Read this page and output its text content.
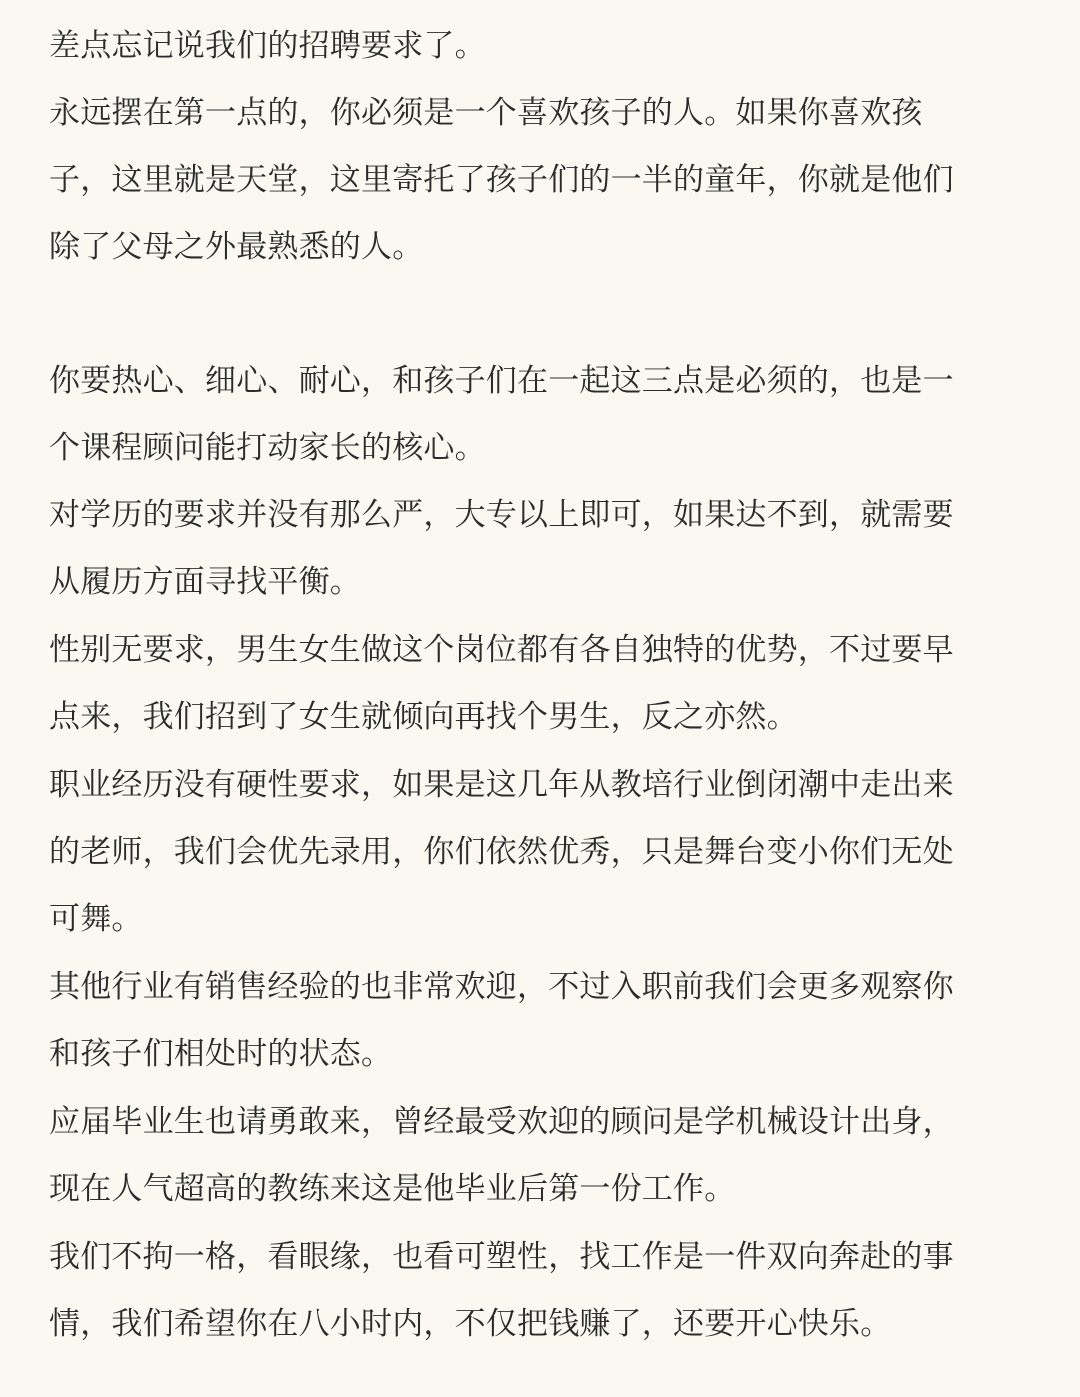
差点忘记说我们的招聘要求了。
永远摆在第一点的，你必须是一个喜欢孩子的人。如果你喜欢孩
子，这里就是天堂，这里寄托了孩子们的一半的童年，你就是他们
除了父母之外最熟悉的人。
你要热心、细心、耐心，和孩子们在一起这三点是必须的，也是一
个课程顾问能打动家长的核心。
对学历的要求并没有那么严，大专以上即可，如果达不到，就需要
从履历方面寻找平衡。
性别无要求，男生女生做这个岗位都有各自独特的优势，不过要早
点来，我们招到了女生就倾向再找个男生，反之亦然。
职业经历没有硬性要求，如果是这几年从教培行业倒闭潮中走出来
的老师，我们会优先录用，你们依然优秀，只是舞台变小你们无处
可舞。
其他行业有销售经验的也非常欢迎，不过入职前我们会更多观察你
和孩子们相处时的状态。
应届毕业生也请勇敢来，曾经最受欢迎的顾问是学机械设计出身，
现在人气超高的教练来这是他毕业后第一份工作。
我们不拘一格，看眼缘，也看可塑性，找工作是一件双向奔赴的事
情，我们希望你在八小时内，不仅把钱赚了，还要开心快乐。
